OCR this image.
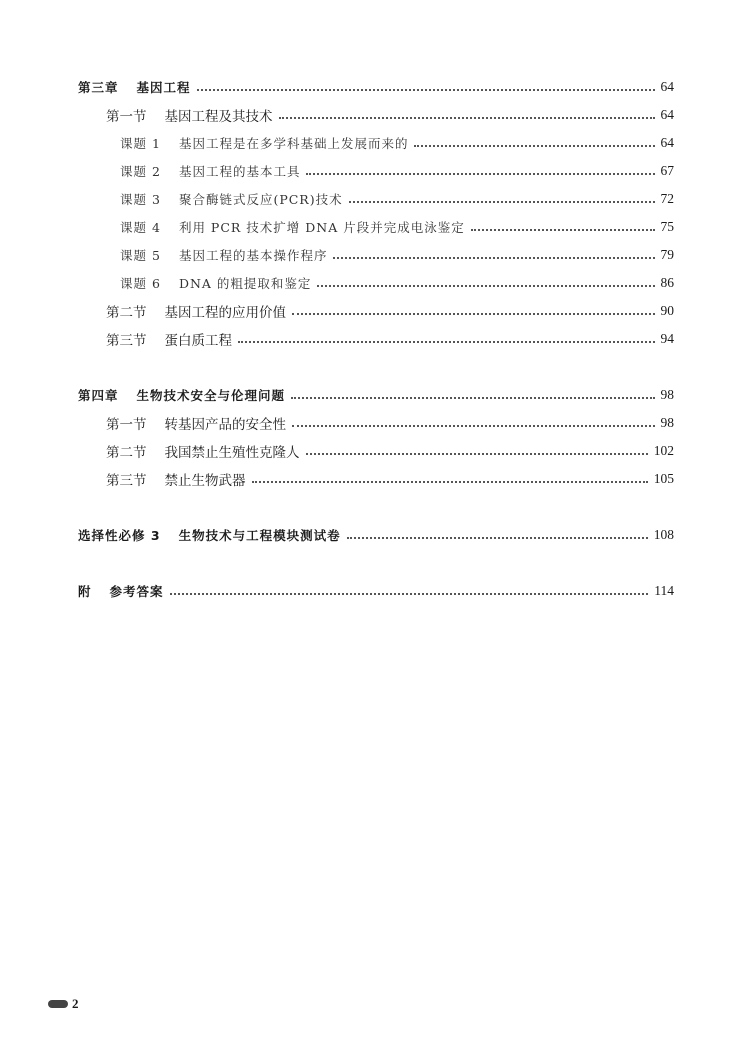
第三章 基因工程	64
第一节 基因工程及其技术	64
课题 1 基因工程是在多学科基础上发展而来的	64
课题 2 基因工程的基本工具	67
课题 3 聚合酶链式反应(PCR)技术	72
课题 4 利用 PCR 技术扩增 DNA 片段并完成电泳鉴定	75
课题 5 基因工程的基本操作程序	79
课题 6 DNA 的粗提取和鉴定	86
第二节 基因工程的应用价值	90
第三节 蛋白质工程	94
第四章 生物技术安全与伦理问题	98
第一节 转基因产品的安全性	98
第二节 我国禁止生殖性克隆人	102
第三节 禁止生物武器	105
选择性必修 3 生物技术与工程模块测试卷	108
附 参考答案	114
2
